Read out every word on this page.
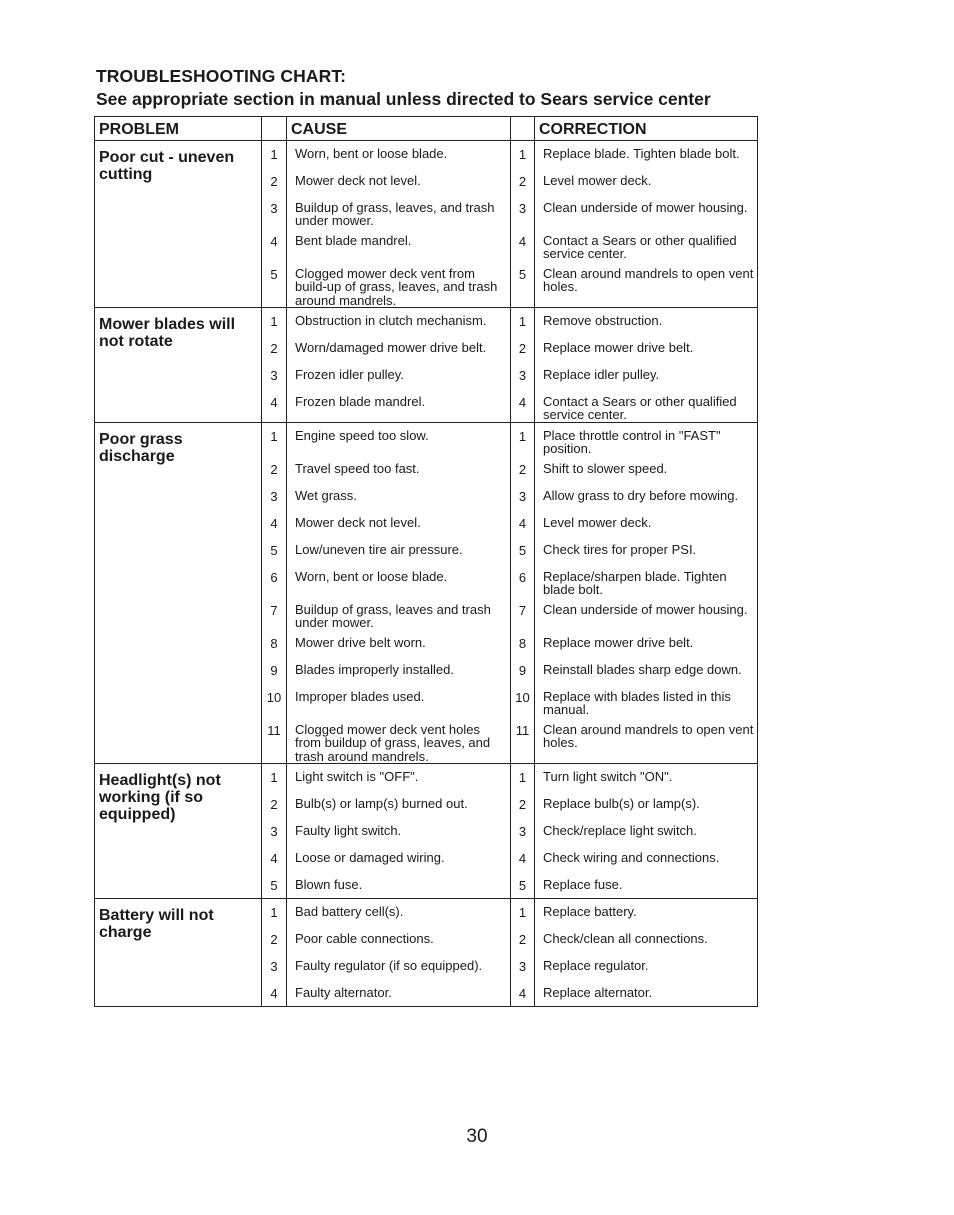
TROUBLESHOOTING CHART:
See appropriate section in manual unless directed to Sears service center
PROBLEM		CAUSE		CORRECTION
Poor cut - uneven cutting	1	Worn, bent or loose blade.	1	Replace blade. Tighten blade bolt.
	2	Mower deck not level.	2	Level mower deck.
	3	Buildup of grass, leaves, and trash under mower.	3	Clean underside of mower housing.
	4	Bent blade mandrel.	4	Contact a Sears or other qualified service center.
	5	Clogged mower deck vent from build-up of grass, leaves, and trash around mandrels.	5	Clean around mandrels to open vent holes.
Mower blades will not rotate	1	Obstruction in clutch mechanism.	1	Remove obstruction.
	2	Worn/damaged mower drive belt.	2	Replace mower drive belt.
	3	Frozen idler pulley.	3	Replace idler pulley.
	4	Frozen blade mandrel.	4	Contact a Sears or other qualified service center.
Poor grass discharge	1	Engine speed too slow.	1	Place throttle control in "FAST" position.
	2	Travel speed too fast.	2	Shift to slower speed.
	3	Wet grass.	3	Allow grass to dry before mowing.
	4	Mower deck not level.	4	Level mower deck.
	5	Low/uneven tire air pressure.	5	Check tires for proper PSI.
	6	Worn, bent or loose blade.	6	Replace/sharpen blade. Tighten blade bolt.
	7	Buildup of grass, leaves and trash under mower.	7	Clean underside of mower housing.
	8	Mower drive belt worn.	8	Replace mower drive belt.
	9	Blades improperly installed.	9	Reinstall blades sharp edge down.
	10	Improper blades used.	10	Replace with blades listed in this manual.
	11	Clogged mower deck vent holes from buildup of grass, leaves, and trash around mandrels.	11	Clean around mandrels to open vent holes.
Headlight(s) not working (if so equipped)	1	Light switch is "OFF".	1	Turn light switch "ON".
	2	Bulb(s) or lamp(s) burned out.	2	Replace bulb(s) or lamp(s).
	3	Faulty light switch.	3	Check/replace light switch.
	4	Loose or damaged wiring.	4	Check wiring and connections.
	5	Blown fuse.	5	Replace fuse.
Battery will not charge	1	Bad battery cell(s).	1	Replace battery.
	2	Poor cable connections.	2	Check/clean all connections.
	3	Faulty regulator (if so equipped).	3	Replace regulator.
	4	Faulty alternator.	4	Replace alternator.
30
